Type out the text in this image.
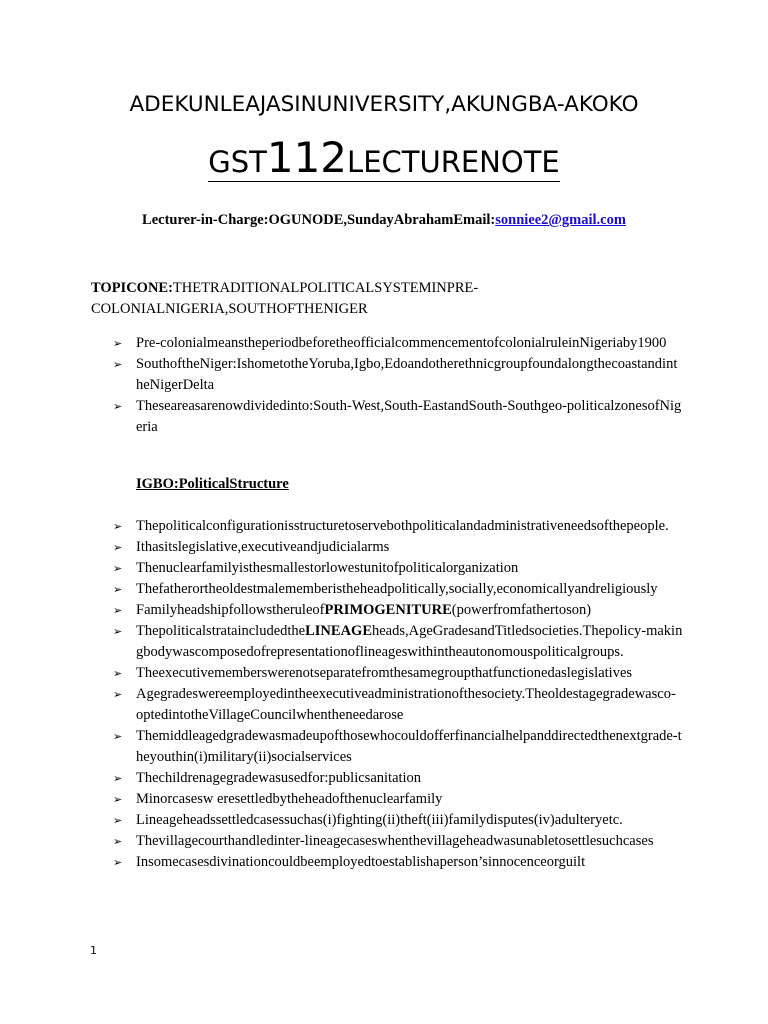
ADEKUNLEAJASINUNIVERSITY,AKUNGBA-AKOKO
GST112LECTURENOTE
Lecturer-in-Charge:OGUNODE,SundayAbrahamEmail:sonniee2@gmail.com
TOPICONE:THETRADITIONALPOLITICALSYSTEMINPRE-COLONIALNIGERIA,SOUTHOFTHENIGER
➢ Pre-colonialmeanstheperiodbeforetheofficialcommencementofcolonialruleinNigeriaby1900
➢ SouthoftheNiger:IshometotheYoruba,Igbo,EdoandotherethnicgroupfoundalongthecoastandintheNigerDelta
➢ Theseareasarenowdividedinto:South-West,South-EastandSouth-Southgeo-politicalzonesofNigeria
IGBO:PoliticalStructure
➢ Thepoliticalconfigurationisstructuretoservebothpoliticalandadministrativeneedsofthepeople.
➢ Ithasitslegislative,executiveandjudicialarms
➢ Thenuclearfamilyisthesmallestorlowestunitofpoliticalorganization
➢ Thefatherortheoldestmalememberistheheadpolitically,socially,economicallyandreligiously
➢ FamilyheadshipfollowstheruleofPRIMOGENITURE(powerfromfathertoson)
➢ ThepoliticalstrataincludedtheLINEAGEheads,AgeGradesandTitledsocieties.Thepolicy-makingbodywascomposedofrepresentationoflineageswithintheautonomouspoliticalgroups.
➢ Theexecutivememberswerenotseparatefromthesamegroupthatfunctionedaslegislatives
➢ Agegradeswereemployedintheexecutiveadministrationofthesociety.Theoldestagegradewasco-optedintotheVillageCouncilwhentheneedarose
➢ Themiddleagedgradewasmadeupofthosewhocouldofferfinancialhelpanddirectedthenextgrade-theyouthin(i)military(ii)socialservices
➢ Thechildrenagegradewasusedfor:publicsanitation
➢ Minorcasesw eresettledbytheheadofthenuclearfamily
➢ Lineageheadssettledcasessuchas(i)fighting(ii)theft(iii)familydisputes(iv)adulteryetc.
➢ Thevillagecourthandledinter-lineagecaseswhenthevillageheadwasunabletosettlesuchcases
➢ Insomecasesdivinationcouldbeemployedtoestablishaperson’sinnocenceorguilt
1
